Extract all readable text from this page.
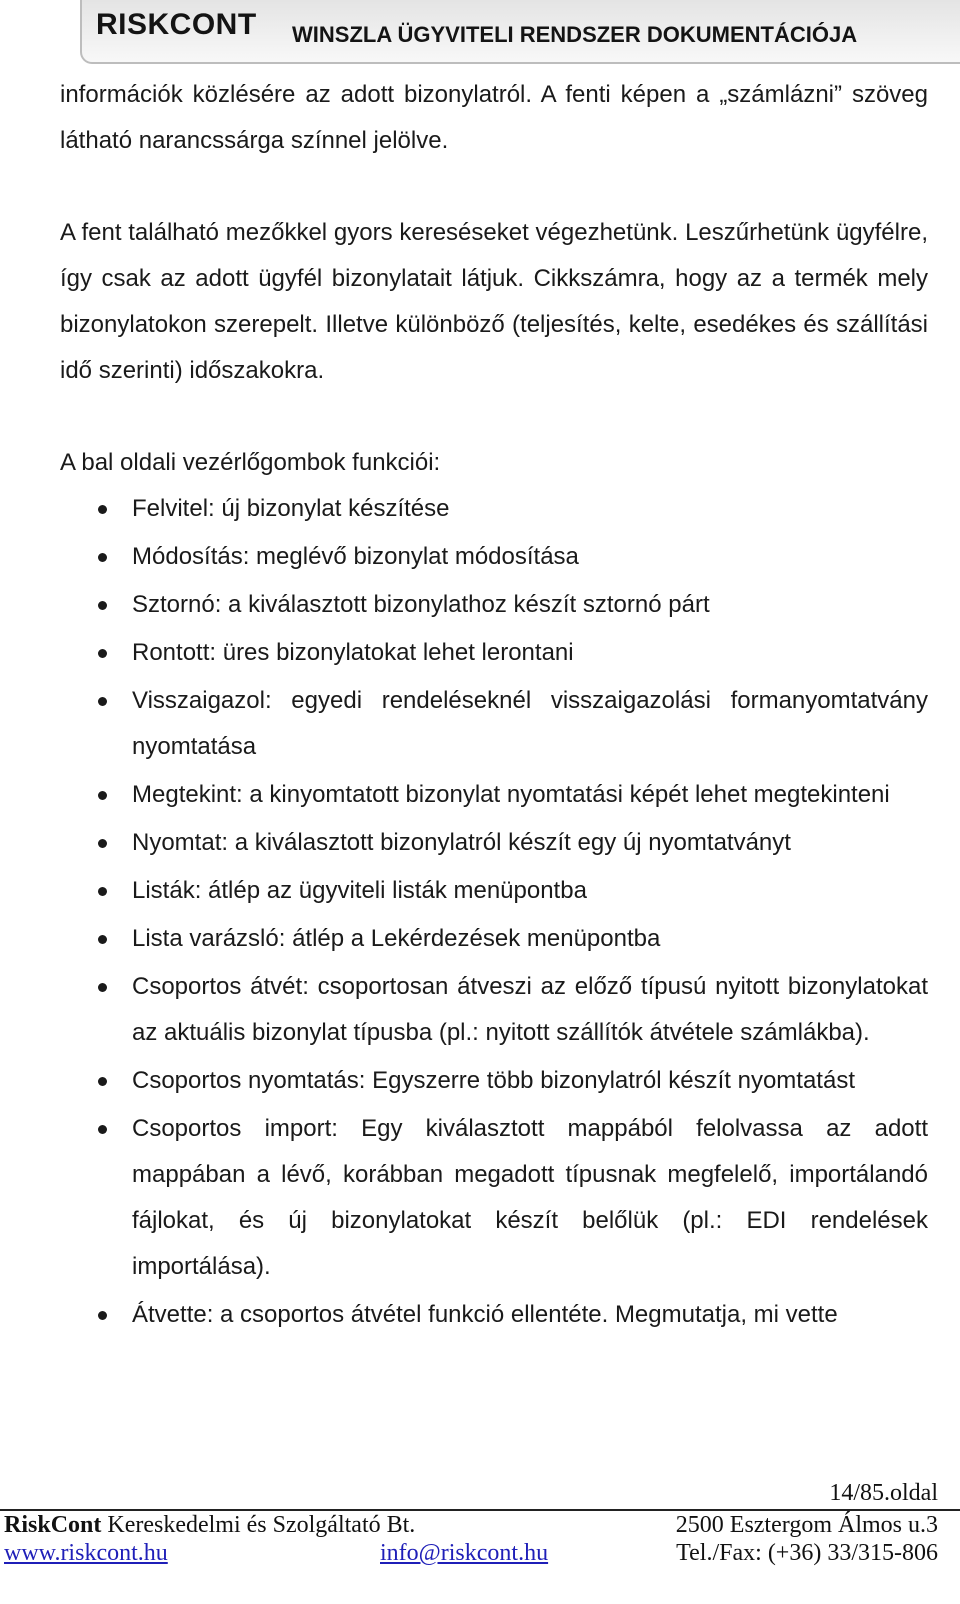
RISKCONT WINSZLA ÜGYVITELI RENDSZER DOKUMENTÁCIÓJA

információk közlésére az adott bizonylatról. A fenti képen a „számlázni” szöveg látható narancssárga színnel jelölve.

A fent található mezőkkel gyors kereséseket végezhetünk. Leszűrhetünk ügyfélre, így csak az adott ügyfél bizonylatait látjuk. Cikkszámra, hogy az a termék mely bizonylatokon szerepelt. Illetve különböző (teljesítés, kelte, esedékes és szállítási idő szerinti) időszakokra.

A bal oldali vezérlőgombok funkciói:

Felvitel: új bizonylat készítése
Módosítás: meglévő bizonylat módosítása
Sztornó: a kiválasztott bizonylathoz készít sztornó párt
Rontott: üres bizonylatokat lehet lerontani
Visszaigazol: egyedi rendeléseknél visszaigazolási formanyomtatvány nyomtatása
Megtekint: a kinyomtatott bizonylat nyomtatási képét lehet megtekinteni
Nyomtat: a kiválasztott bizonylatról készít egy új nyomtatványt
Listák: átlép az ügyviteli listák menüpontba
Lista varázsló: átlép a Lekérdezések menüpontba
Csoportos átvét: csoportosan átveszi az előző típusú nyitott bizonylatokat az aktuális bizonylat típusba (pl.: nyitott szállítók átvétele számlákba).
Csoportos nyomtatás: Egyszerre több bizonylatról készít nyomtatást
Csoportos import: Egy kiválasztott mappából felolvassa az adott mappában a lévő, korábban megadott típusnak megfelelő, importálandó fájlokat, és új bizonylatokat készít belőlük (pl.: EDI rendelések importálása).
Átvette: a csoportos átvétel funkció ellentéte. Megmutatja, mi vette
14/85.oldal
RiskCont Kereskedelmi és Szolgáltató Bt.	2500 Esztergom Álmos u.3
www.riskcont.hu	info@riskcont.hu	Tel./Fax: (+36) 33/315-806
